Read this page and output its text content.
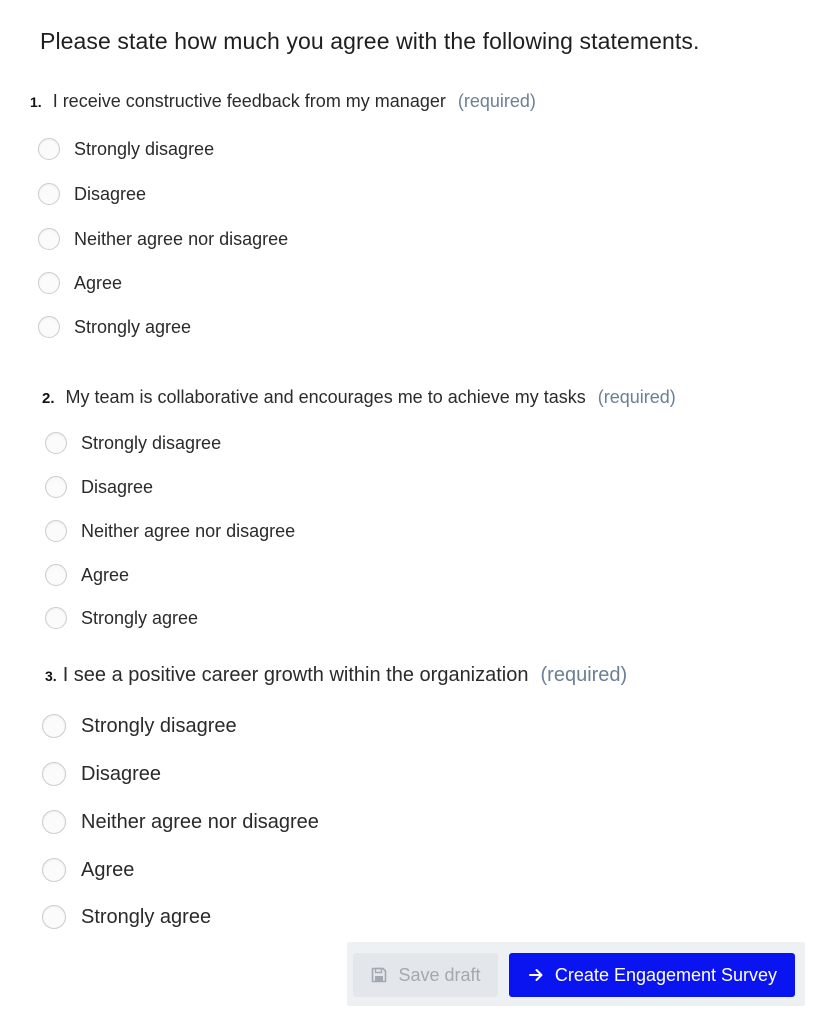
Please state how much you agree with the following statements.
1. I receive constructive feedback from my manager (required)
Strongly disagree
Disagree
Neither agree nor disagree
Agree
Strongly agree
2. My team is collaborative and encourages me to achieve my tasks (required)
Strongly disagree
Disagree
Neither agree nor disagree
Agree
Strongly agree
3. I see a positive career growth within the organization (required)
Strongly disagree
Disagree
Neither agree nor disagree
Agree
Strongly agree
Save draft	Create Engagement Survey
